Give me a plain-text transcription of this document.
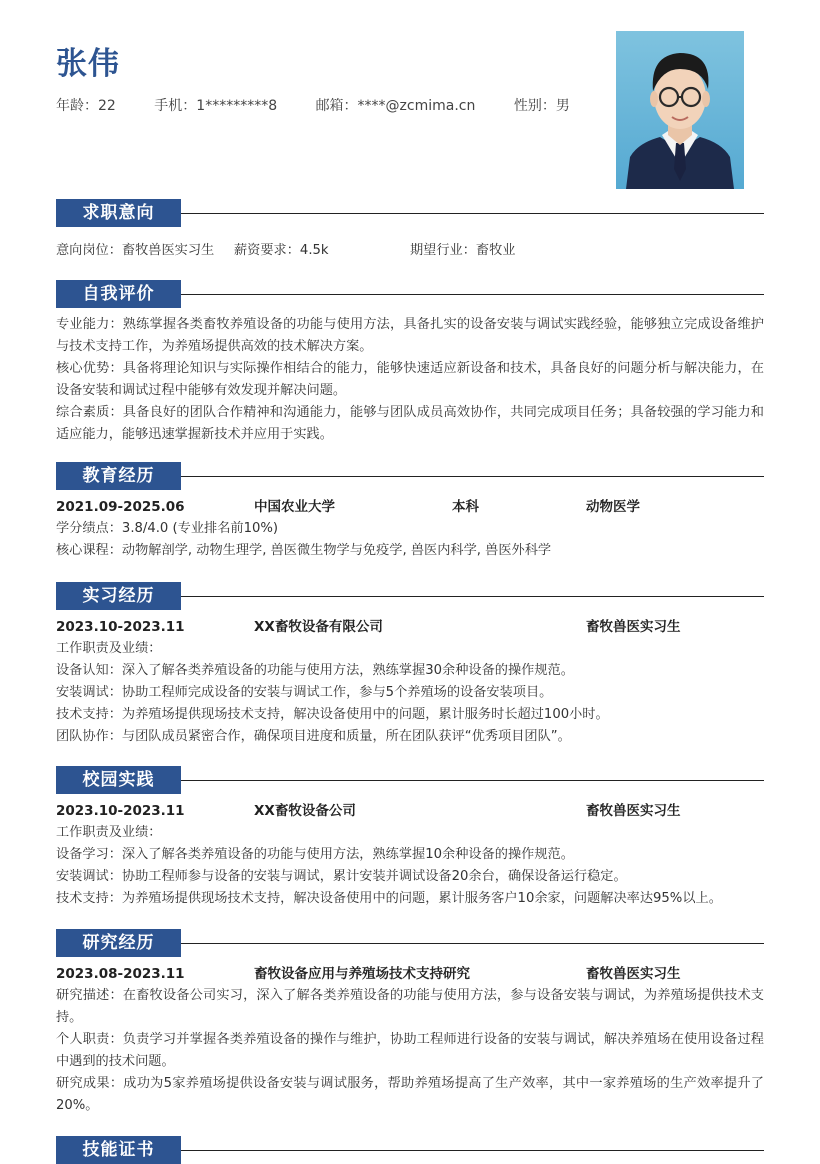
张伟
年龄：22	手机：1*********8	邮箱：****@zcmima.cn	性别：男
求职意向
意向岗位：畜牧兽医实习生 薪资要求：4.5k	期望行业：畜牧业
自我评价
专业能力：熟练掌握各类畜牧养殖设备的功能与使用方法，具备扎实的设备安装与调试实践经验，能够独立完成设备维护与技术支持工作，为养殖场提供高效的技术解决方案。
核心优势：具备将理论知识与实际操作相结合的能力，能够快速适应新设备和技术，具备良好的问题分析与解决能力，在设备安装和调试过程中能够有效发现并解决问题。
综合素质：具备良好的团队合作精神和沟通能力，能够与团队成员高效协作，共同完成项目任务；具备较强的学习能力和适应能力，能够迅速掌握新技术并应用于实践。
教育经历
2021.09-2025.06	中国农业大学	本科	动物医学
学分绩点：3.8/4.0 (专业排名前10%)
核心课程：动物解剖学, 动物生理学, 兽医微生物学与免疫学, 兽医内科学, 兽医外科学
实习经历
2023.10-2023.11	XX畜牧设备有限公司	畜牧兽医实习生
工作职责及业绩：
设备认知：深入了解各类养殖设备的功能与使用方法，熟练掌握30余种设备的操作规范。
安装调试：协助工程师完成设备的安装与调试工作，参与5个养殖场的设备安装项目。
技术支持：为养殖场提供现场技术支持，解决设备使用中的问题，累计服务时长超过100小时。
团队协作：与团队成员紧密合作，确保项目进度和质量，所在团队获评“优秀项目团队”。
校园实践
2023.10-2023.11	XX畜牧设备公司	畜牧兽医实习生
工作职责及业绩：
设备学习：深入了解各类养殖设备的功能与使用方法，熟练掌握10余种设备的操作规范。
安装调试：协助工程师参与设备的安装与调试，累计安装并调试设备20余台，确保设备运行稳定。
技术支持：为养殖场提供现场技术支持，解决设备使用中的问题，累计服务客户10余家，问题解决率达95%以上。
研究经历
2023.08-2023.11	畜牧设备应用与养殖场技术支持研究	畜牧兽医实习生
研究描述：在畜牧设备公司实习，深入了解各类养殖设备的功能与使用方法，参与设备安装与调试，为养殖场提供技术支持。
个人职责：负责学习并掌握各类养殖设备的操作与维护，协助工程师进行设备的安装与调试，解决养殖场在使用设备过程中遇到的技术问题。
研究成果：成功为5家养殖场提供设备安装与调试服务，帮助养殖场提高了生产效率，其中一家养殖场的生产效率提升了20%。
技能证书
